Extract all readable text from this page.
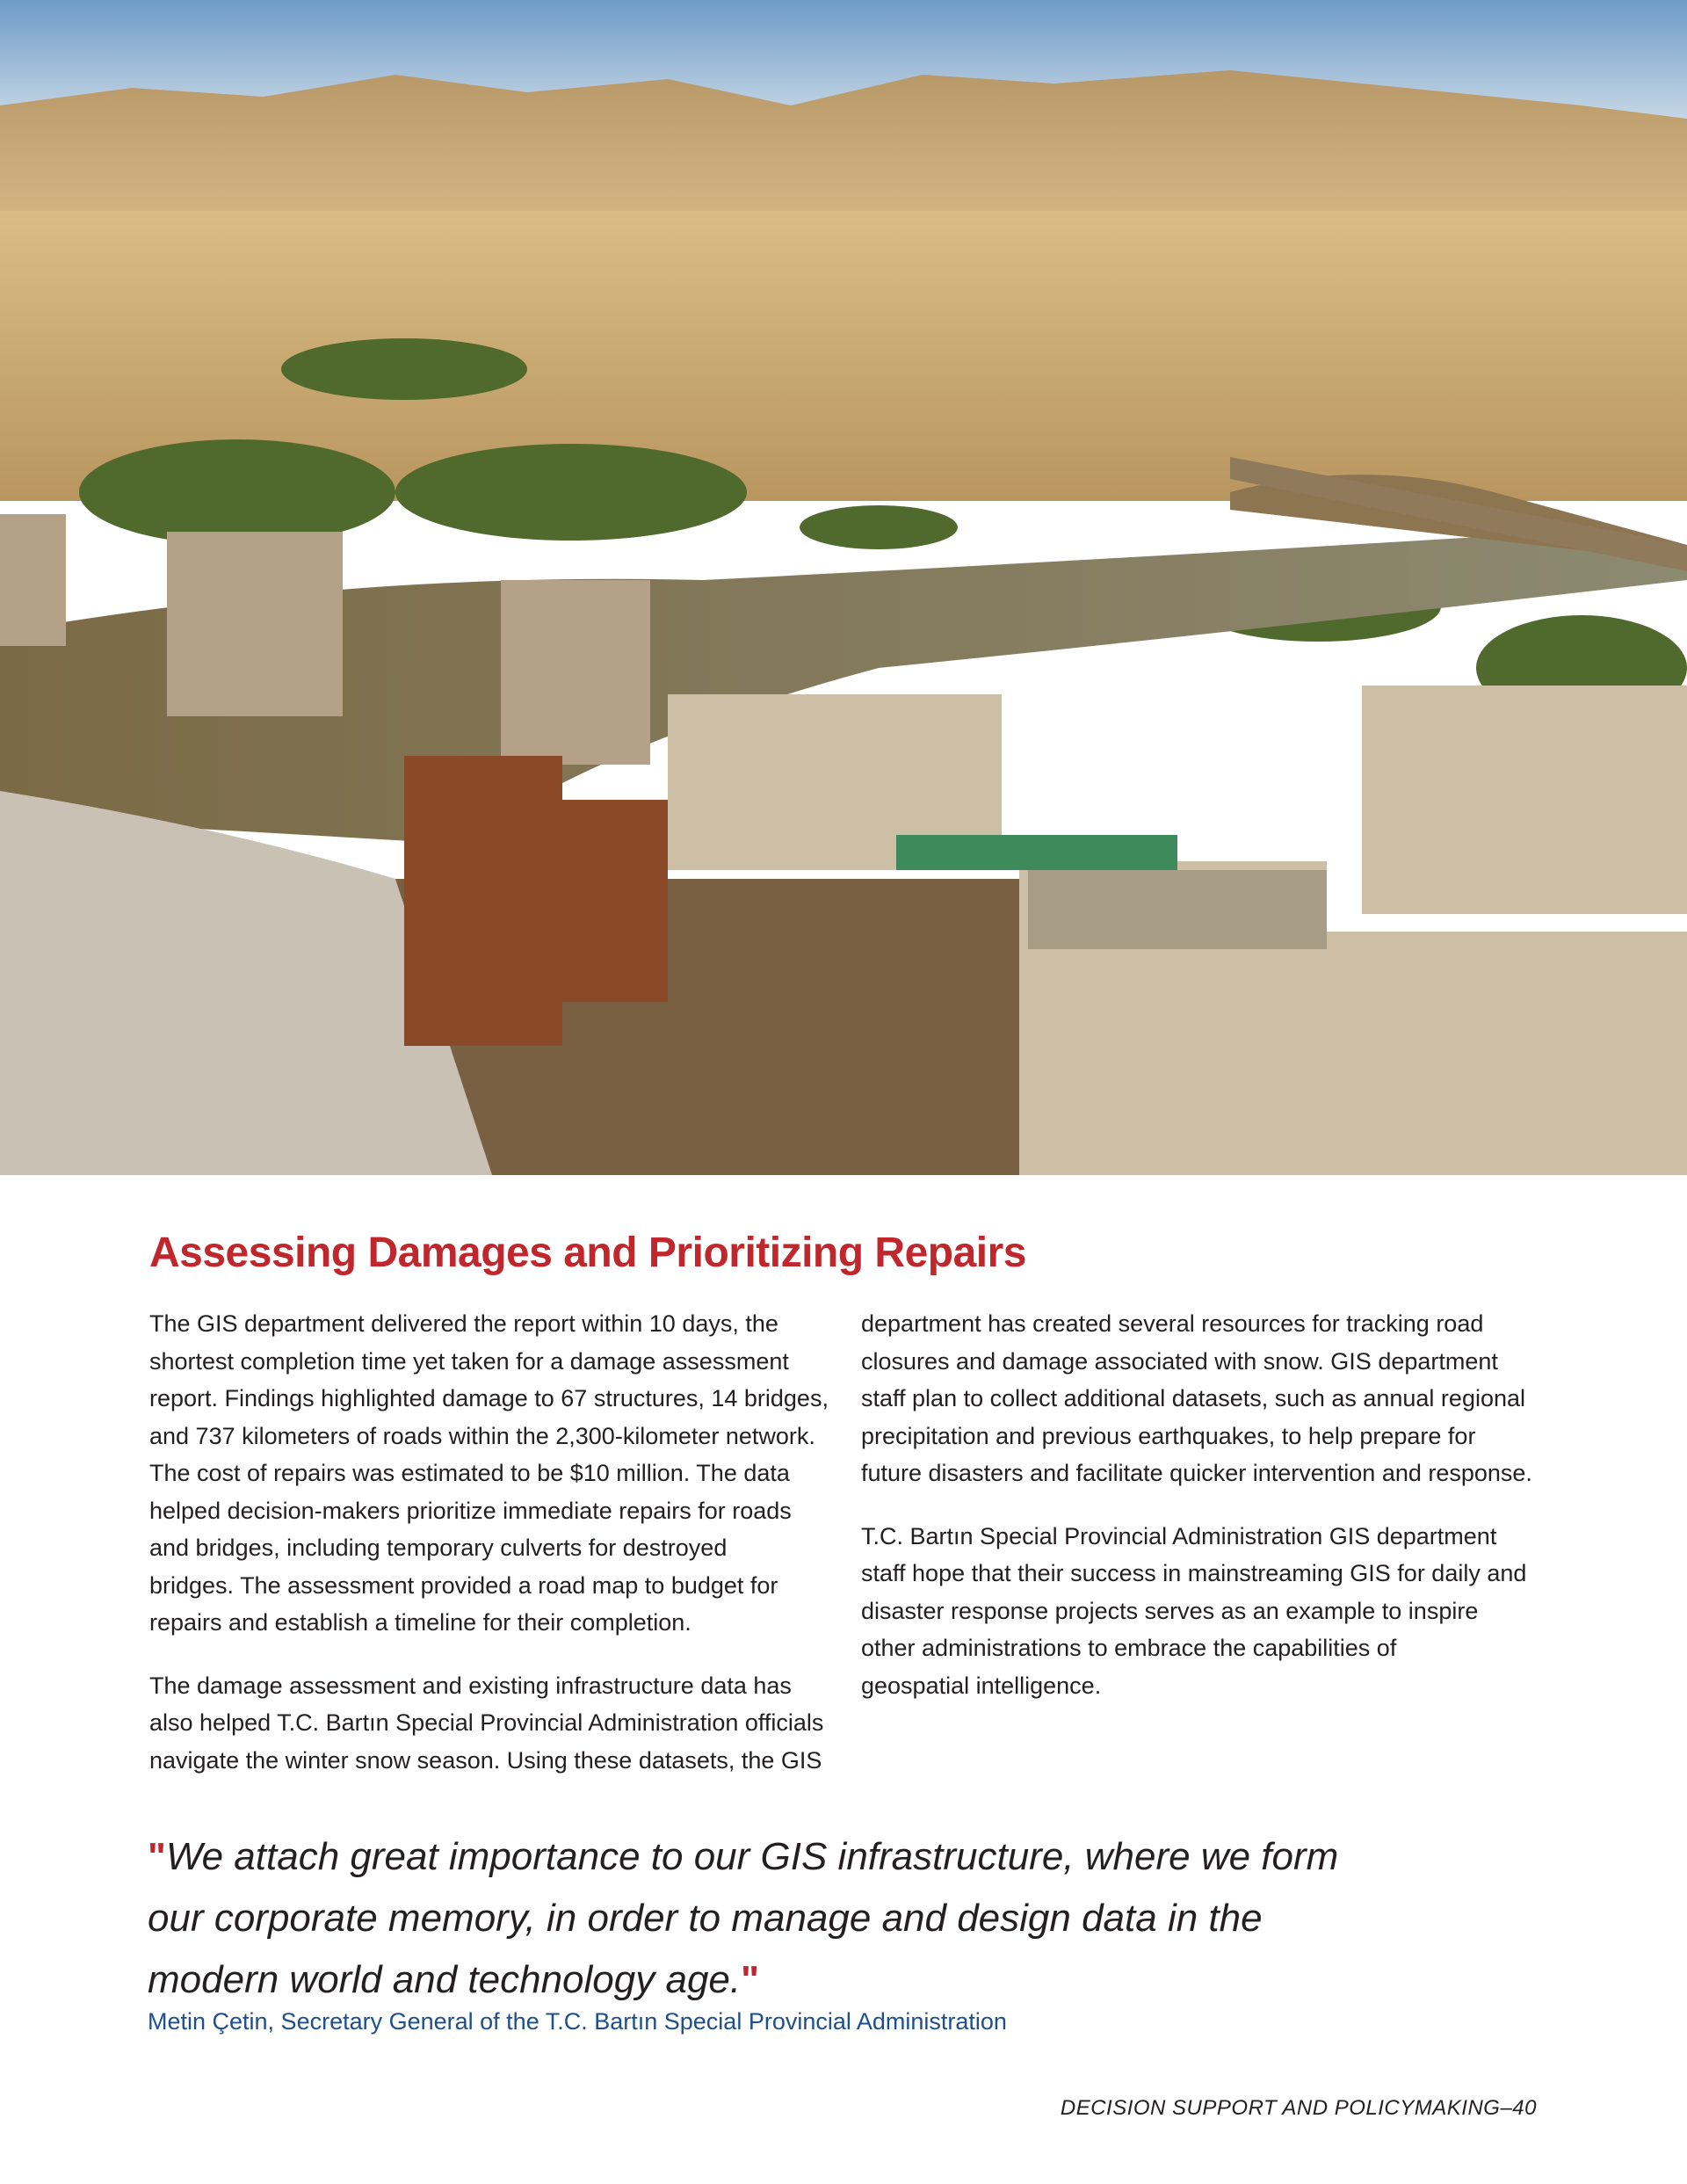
Assessing Damages and Prioritizing Repairs
The GIS department delivered the report within 10 days, the
shortest completion time yet taken for a damage assessment
report. Findings highlighted damage to 67 structures, 14 bridges,
and 737 kilometers of roads within the 2,300-kilometer network.
The cost of repairs was estimated to be $10 million. The data
helped decision-makers prioritize immediate repairs for roads
and bridges, including temporary culverts for destroyed
bridges. The assessment provided a road map to budget for
repairs and establish a timeline for their completion.
The damage assessment and existing infrastructure data has
also helped T.C. Bartın Special Provincial Administration officials
navigate the winter snow season. Using these datasets, the GIS
department has created several resources for tracking road
closures and damage associated with snow. GIS department
staff plan to collect additional datasets, such as annual regional
precipitation and previous earthquakes, to help prepare for
future disasters and facilitate quicker intervention and response.
T.C. Bartın Special Provincial Administration GIS department
staff hope that their success in mainstreaming GIS for daily and
disaster response projects serves as an example to inspire
other administrations to embrace the capabilities of
geospatial intelligence.
"We attach great importance to our GIS infrastructure, where we form
our corporate memory, in order to manage and design data in the
modern world and technology age."
Metin Çetin, Secretary General of the T.C. Bartın Special Provincial Administration
DECISION SUPPORT AND POLICYMAKING–40
